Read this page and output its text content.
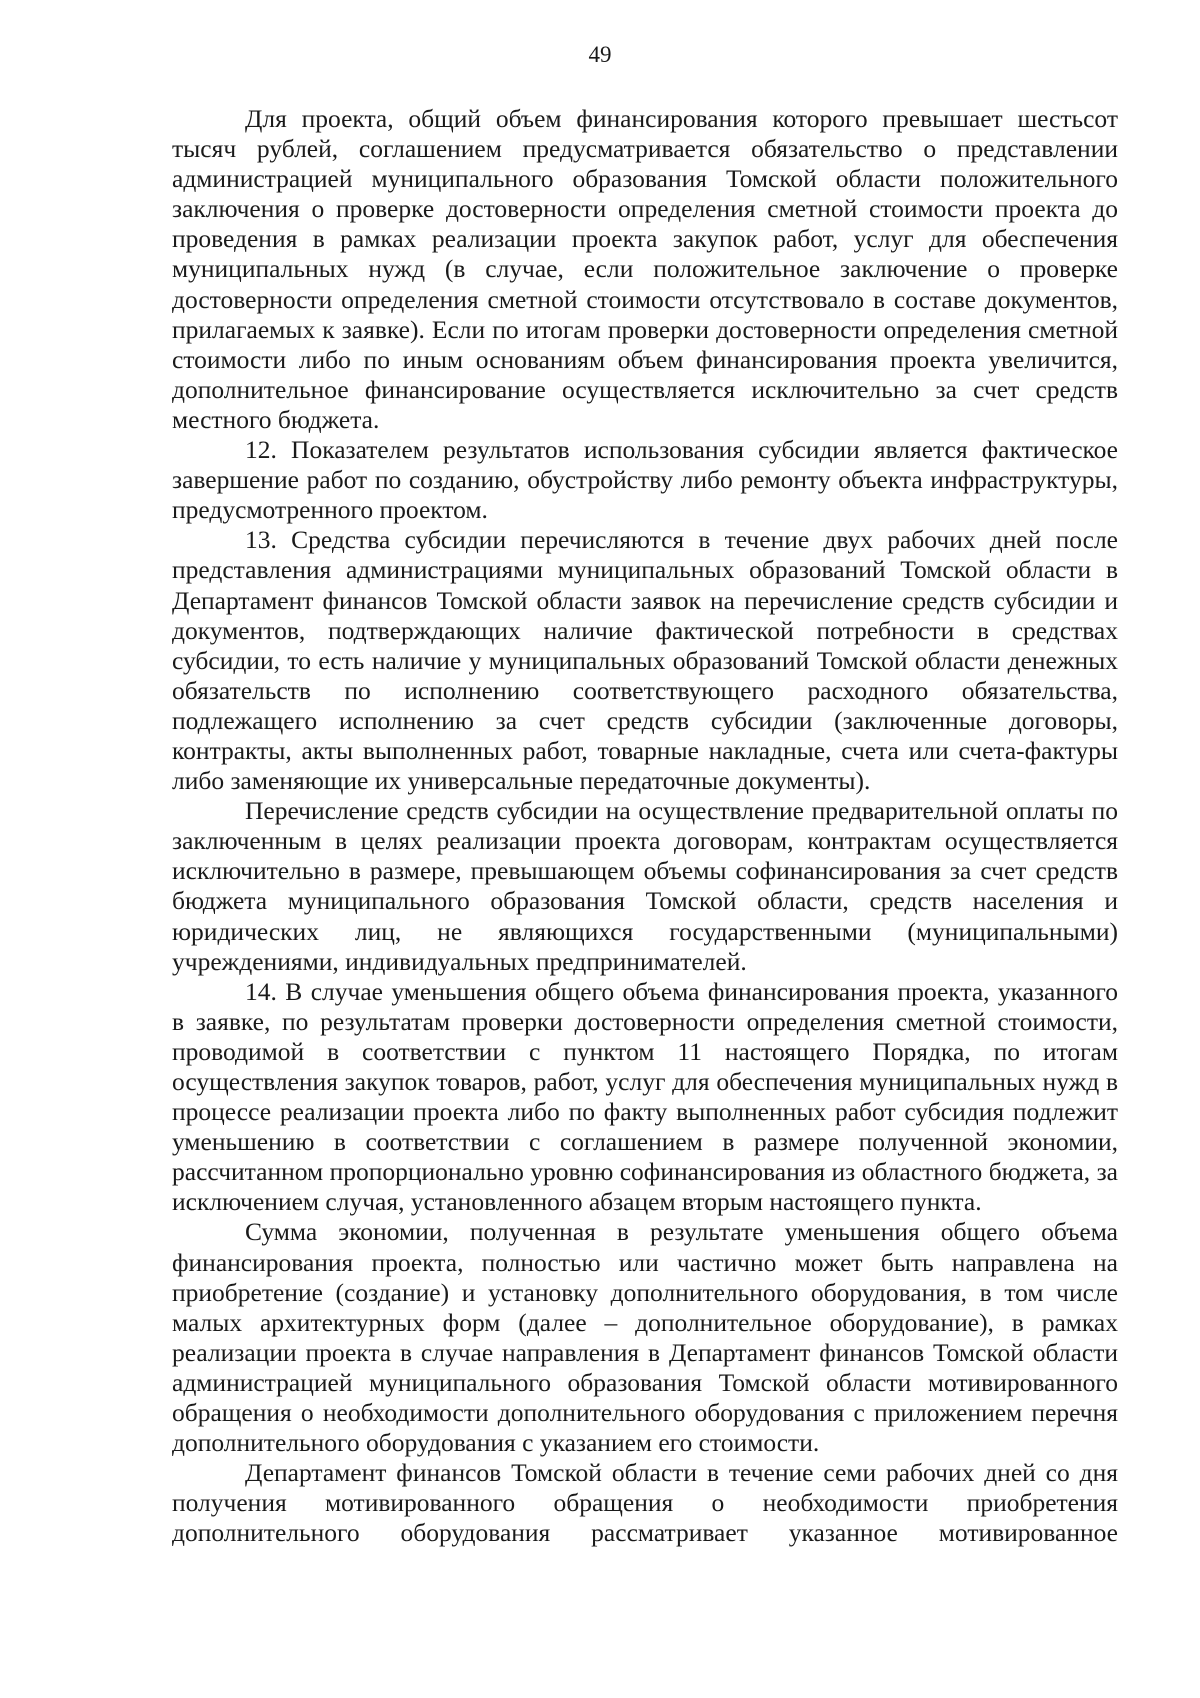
49

Для проекта, общий объем финансирования которого превышает шестьсот тысяч рублей, соглашением предусматривается обязательство о представлении администрацией муниципального образования Томской области положительного заключения о проверке достоверности определения сметной стоимости проекта до проведения в рамках реализации проекта закупок работ, услуг для обеспечения муниципальных нужд (в случае, если положительное заключение о проверке достоверности определения сметной стоимости отсутствовало в составе документов, прилагаемых к заявке). Если по итогам проверки достоверности определения сметной стоимости либо по иным основаниям объем финансирования проекта увеличится, дополнительное финансирование осуществляется исключительно за счет средств местного бюджета.

12. Показателем результатов использования субсидии является фактическое завершение работ по созданию, обустройству либо ремонту объекта инфраструктуры, предусмотренного проектом.

13. Средства субсидии перечисляются в течение двух рабочих дней после представления администрациями муниципальных образований Томской области в Департамент финансов Томской области заявок на перечисление средств субсидии и документов, подтверждающих наличие фактической потребности в средствах субсидии, то есть наличие у муниципальных образований Томской области денежных обязательств по исполнению соответствующего расходного обязательства, подлежащего исполнению за счет средств субсидии (заключенные договоры, контракты, акты выполненных работ, товарные накладные, счета или счета-фактуры либо заменяющие их универсальные передаточные документы).

Перечисление средств субсидии на осуществление предварительной оплаты по заключенным в целях реализации проекта договорам, контрактам осуществляется исключительно в размере, превышающем объемы софинансирования за счет средств бюджета муниципального образования Томской области, средств населения и юридических лиц, не являющихся государственными (муниципальными) учреждениями, индивидуальных предпринимателей.

14. В случае уменьшения общего объема финансирования проекта, указанного в заявке, по результатам проверки достоверности определения сметной стоимости, проводимой в соответствии с пунктом 11 настоящего Порядка, по итогам осуществления закупок товаров, работ, услуг для обеспечения муниципальных нужд в процессе реализации проекта либо по факту выполненных работ субсидия подлежит уменьшению в соответствии с соглашением в размере полученной экономии, рассчитанном пропорционально уровню софинансирования из областного бюджета, за исключением случая, установленного абзацем вторым настоящего пункта.

Сумма экономии, полученная в результате уменьшения общего объема финансирования проекта, полностью или частично может быть направлена на приобретение (создание) и установку дополнительного оборудования, в том числе малых архитектурных форм (далее – дополнительное оборудование), в рамках реализации проекта в случае направления в Департамент финансов Томской области администрацией муниципального образования Томской области мотивированного обращения о необходимости дополнительного оборудования с приложением перечня дополнительного оборудования с указанием его стоимости.

Департамент финансов Томской области в течение семи рабочих дней со дня получения мотивированного обращения о необходимости приобретения дополнительного оборудования рассматривает указанное мотивированное
